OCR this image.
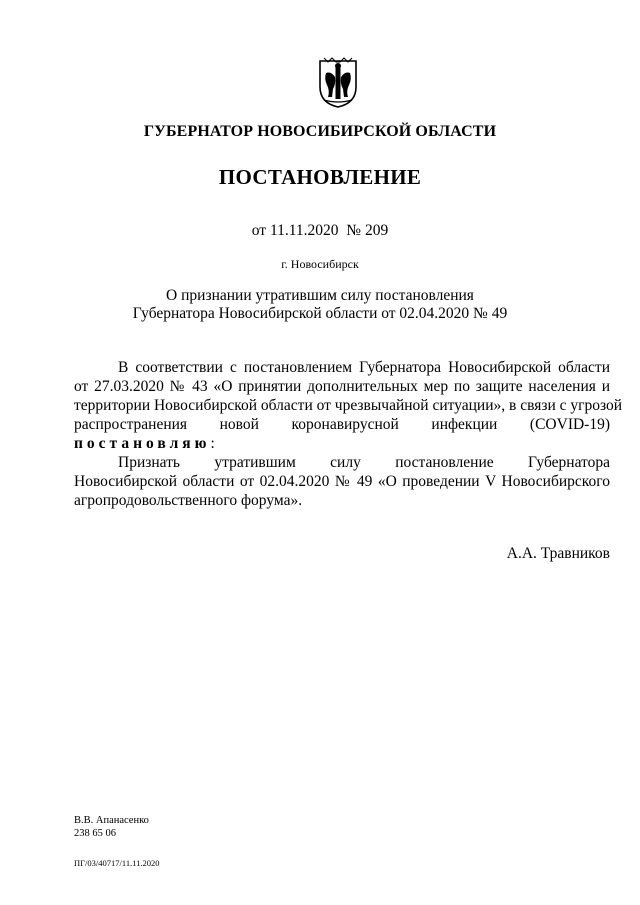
ГУБЕРНАТОР НОВОСИБИРСКОЙ ОБЛАСТИ
ПОСТАНОВЛЕНИЕ
от 11.11.2020  № 209
г. Новосибирск
О признании утратившим силу постановления
Губернатора Новосибирской области от 02.04.2020 № 49
В соответствии с постановлением Губернатора Новосибирской области
от 27.03.2020 № 43 «О принятии дополнительных мер по защите населения и
территории Новосибирской области от чрезвычайной ситуации», в связи с угрозой
распространения новой коронавирусной инфекции (COVID-19)
постановляю:
Признать утратившим силу постановление Губернатора
Новосибирской области от 02.04.2020 № 49 «О проведении V Новосибирского
агропродовольственного форума».
А.А. Травников
В.В. Апанасенко
238 65 06
ПГ/03/40717/11.11.2020
